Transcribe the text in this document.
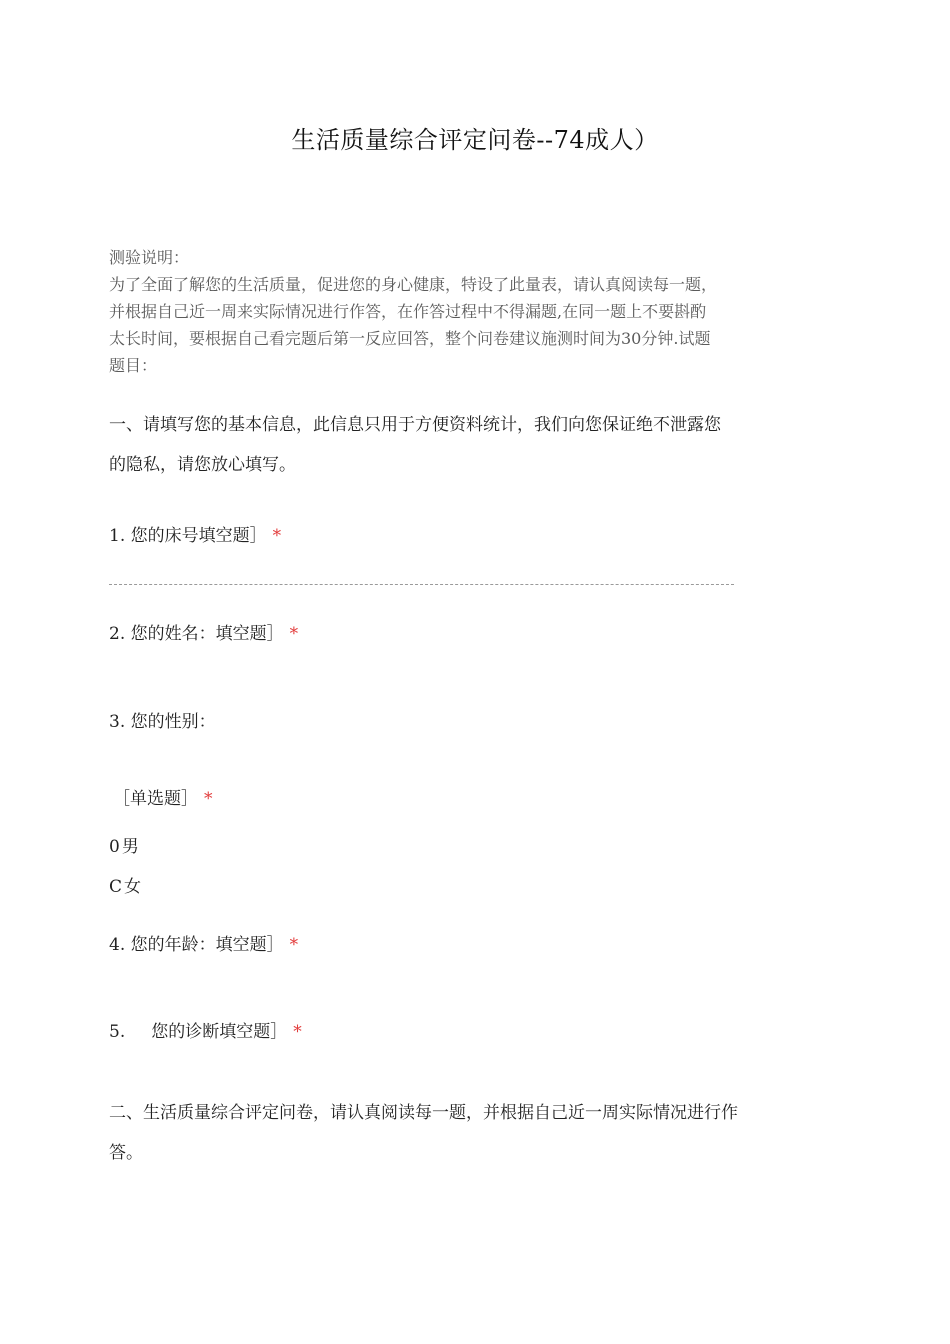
生活质量综合评定问卷--74成人）

测验说明：

为了全面了解您的生活质量，促进您的身心健康，特设了此量表，请认真阅读每一题，

并根据自己近一周来实际情况进行作答，在作答过程中不得漏题,在同一题上不要斟酌

太长时间，要根据自己看完题后第一反应回答，整个问卷建议施测时间为30分钟.试题

题目：

一、请填写您的基本信息，此信息只用于方便资料统计，我们向您保证绝不泄露您
的隐私，请您放心填写。
1. 您的床号填空题］ *
2. 您的姓名：填空题］ *
3. 您的性别：
［单选题］ *
0 男
C 女
4. 您的年龄：填空题］ *
5. 您的诊断填空题］ *
二、生活质量综合评定问卷，请认真阅读每一题，并根据自己近一周实际情况进行作
答。
